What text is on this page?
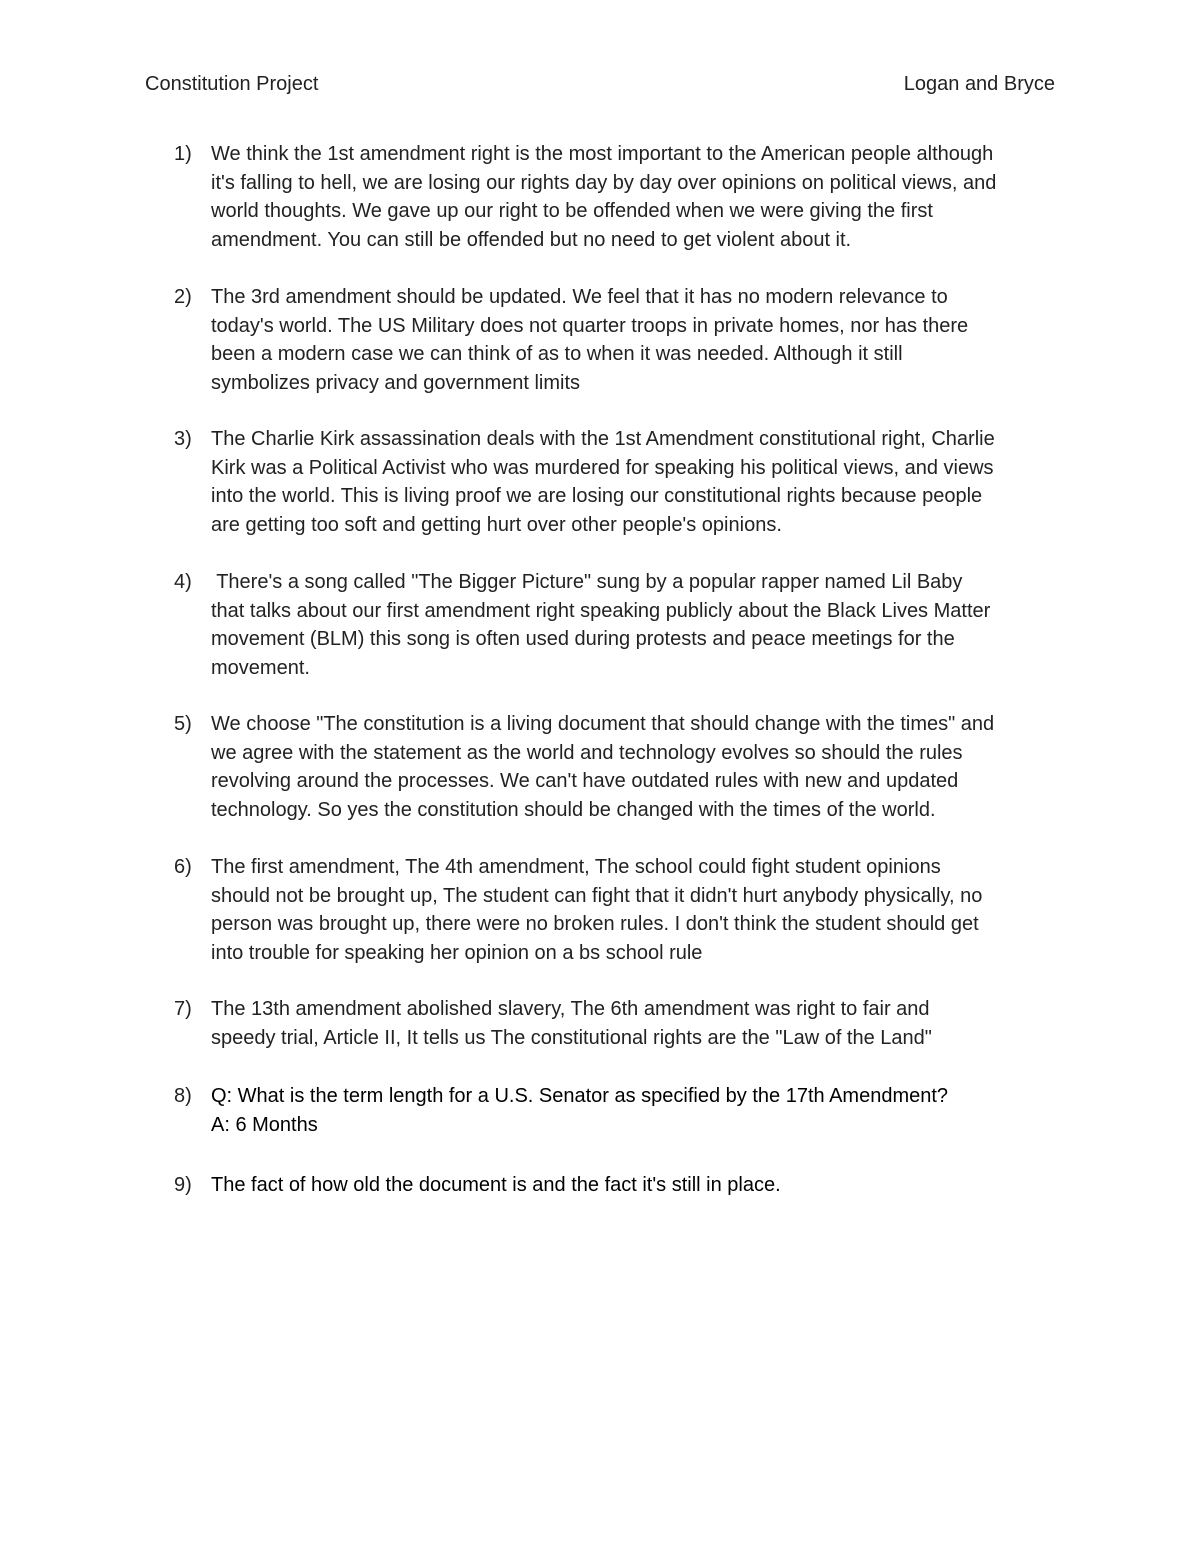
Constitution Project	Logan and Bryce
1) We think the 1st amendment right is the most important to the American people although
it's falling to hell, we are losing our rights day by day over opinions on political views, and
world thoughts. We gave up our right to be offended when we were giving the first
amendment. You can still be offended but no need to get violent about it.

2) The 3rd amendment should be updated. We feel that it has no modern relevance to
today's world. The US Military does not quarter troops in private homes, nor has there
been a modern case we can think of as to when it was needed. Although it still
symbolizes privacy and government limits

3) The Charlie Kirk assassination deals with the 1st Amendment constitutional right, Charlie
Kirk was a Political Activist who was murdered for speaking his political views, and views
into the world. This is living proof we are losing our constitutional rights because people
are getting too soft and getting hurt over other people's opinions.

4) There's a song called "The Bigger Picture" sung by a popular rapper named Lil Baby
that talks about our first amendment right speaking publicly about the Black Lives Matter
movement (BLM) this song is often used during protests and peace meetings for the
movement.

5) We choose "The constitution is a living document that should change with the times" and
we agree with the statement as the world and technology evolves so should the rules
revolving around the processes. We can't have outdated rules with new and updated
technology. So yes the constitution should be changed with the times of the world.

6) The first amendment, The 4th amendment, The school could fight student opinions
should not be brought up, The student can fight that it didn't hurt anybody physically, no
person was brought up, there were no broken rules. I don't think the student should get
into trouble for speaking her opinion on a bs school rule

7) The 13th amendment abolished slavery, The 6th amendment was right to fair and
speedy trial, Article II, It tells us The constitutional rights are the "Law of the Land"

8) Q: What is the term length for a U.S. Senator as specified by the 17th Amendment?
A: 6 Months

9) The fact of how old the document is and the fact it's still in place.
